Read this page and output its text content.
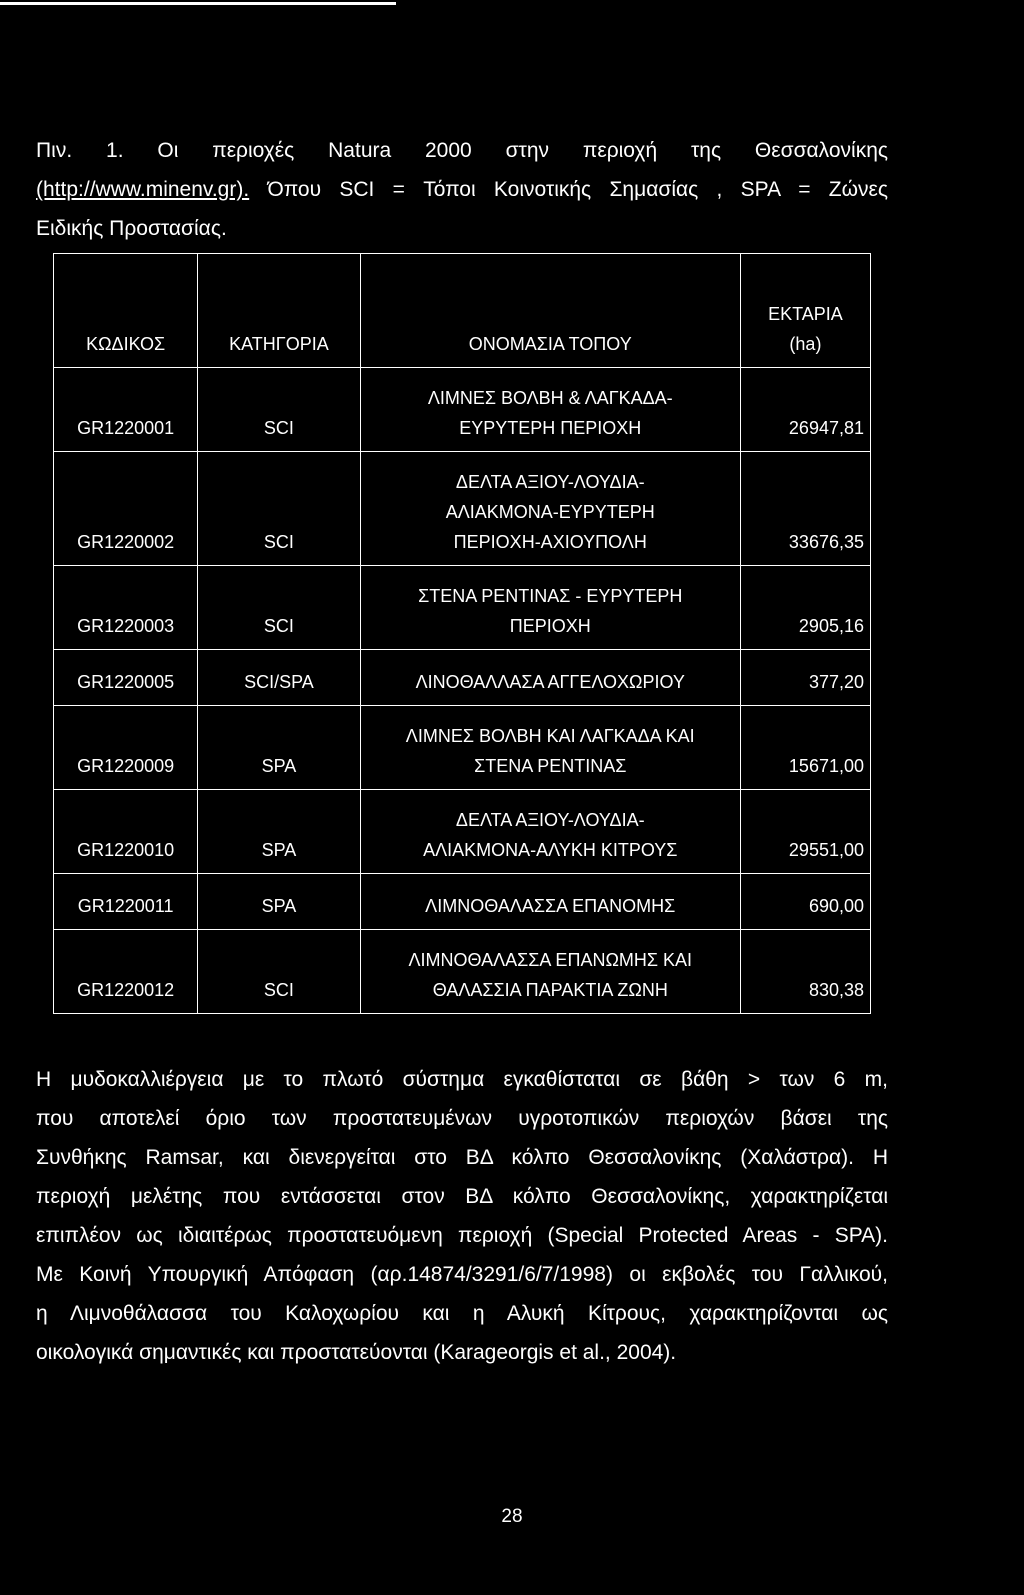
Πιν. 1. Οι περιοχές Natura 2000 στην περιοχή της Θεσσαλονίκης
(http://www.minenv.gr). Όπου SCI = Τόποι Κοινοτικής Σημασίας , SPA = Ζώνες
Ειδικής Προστασίας.
ΚΩΔΙΚΟΣ	ΚΑΤΗΓΟΡΙΑ	ΟΝΟΜΑΣΙΑ ΤΟΠΟΥ	ΕΚΤΑΡΙΑ
(ha)

GR1220001	SCI	ΛΙΜΝΕΣ ΒΟΛΒΗ & ΛΑΓΚΑΔΑ-
ΕΥΡΥΤΕΡΗ ΠΕΡΙΟΧΗ	26947,81
GR1220002	SCI	ΔΕΛΤΑ ΑΞΙΟΥ-ΛΟΥΔΙΑ-
ΑΛΙΑΚΜΟΝΑ-ΕΥΡΥΤΕΡΗ
ΠΕΡΙΟΧΗ-ΑΧΙΟΥΠΟΛΗ	33676,35
GR1220003	SCI	ΣΤΕΝΑ ΡΕΝΤΙΝΑΣ - ΕΥΡΥΤΕΡΗ
ΠΕΡΙΟΧΗ	2905,16
GR1220005	SCI/SPA	ΛΙΝΟΘΑΛΛΑΣΑ ΑΓΓΕΛΟΧΩΡΙΟΥ	377,20
GR1220009	SPA	ΛΙΜΝΕΣ ΒΟΛΒΗ ΚΑΙ ΛΑΓΚΑΔΑ ΚΑΙ
ΣΤΕΝΑ ΡΕΝΤΙΝΑΣ	15671,00
GR1220010	SPA	ΔΕΛΤΑ ΑΞΙΟΥ-ΛΟΥΔΙΑ-
ΑΛΙΑΚΜΟΝΑ-ΑΛΥΚΗ ΚΙΤΡΟΥΣ	29551,00
GR1220011	SPA	ΛΙΜΝΟΘΑΛΑΣΣΑ ΕΠΑΝΟΜΗΣ	690,00
GR1220012	SCI	ΛΙΜΝΟΘΑΛΑΣΣΑ ΕΠΑΝΩΜΗΣ ΚΑΙ
ΘΑΛΑΣΣΙΑ ΠΑΡΑΚΤΙΑ ΖΩΝΗ	830,38
Η μυδοκαλλιέργεια με το πλωτό σύστημα εγκαθίσταται σε βάθη > των 6 m,
που αποτελεί όριο των προστατευμένων υγροτοπικών περιοχών βάσει της
Συνθήκης Ramsar, και διενεργείται στο ΒΔ κόλπο Θεσσαλονίκης (Χαλάστρα). Η
περιοχή μελέτης που εντάσσεται στον ΒΔ κόλπο Θεσσαλονίκης, χαρακτηρίζεται
επιπλέον ως ιδιαιτέρως προστατευόμενη περιοχή (Special Protected Areas - SPA).
Με Κοινή Υπουργική Απόφαση (αρ.14874/3291/6/7/1998) οι εκβολές του Γαλλικού,
η Λιμνοθάλασσα του Καλοχωρίου και η Αλυκή Κίτρους, χαρακτηρίζονται ως
οικολογικά σημαντικές και προστατεύονται (Karageorgis et al., 2004).
28
